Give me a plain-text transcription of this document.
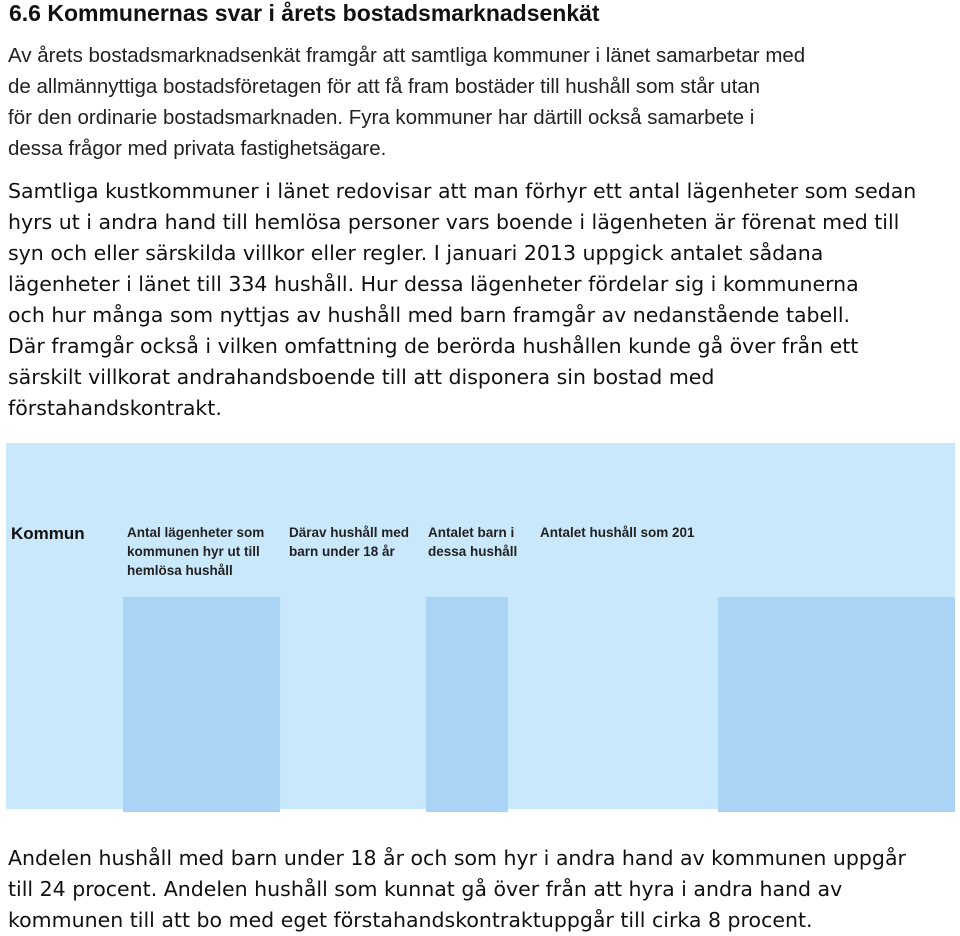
6.6 Kommunernas svar i årets bostadsmarknadsenkät

Av årets bostadsmarknadsenkät framgår att samtliga kommuner i länet samarbetar med
de allmännyttiga bostadsföretagen för att få fram bostäder till hushåll som står utan
för den ordinarie bostadsmarknaden. Fyra kommuner har därtill också samarbete i
dessa frågor med privata fastighetsägare.

Samtliga kustkommuner i länet redovisar att man förhyr ett antal lägenheter som sedan
hyrs ut i andra hand till hemlösa personer vars boende i lägenheten är förenat med till
syn och eller särskilda villkor eller regler. I januari 2013 uppgick antalet sådana
lägenheter i länet till 334 hushåll. Hur dessa lägenheter fördelar sig i kommunerna
och hur många som nyttjas av hushåll med barn framgår av nedanstående tabell.
Där framgår också i vilken omfattning de berörda hushållen kunde gå över från ett
särskilt villkorat andrahandsboende till att disponera sin bostad med
förstahandskontrakt.

Kommun	Antal lägenheter som
kommunen hyr ut till
hemlösa hushåll
Därav hushåll med
barn under 18 år
Antalet barn i
dessa hushåll
Antalet hushåll som 201

Andelen hushåll med barn under 18 år och som hyr i andra hand av kommunen uppgår
till 24 procent. Andelen hushåll som kunnat gå över från att hyra i andra hand av
kommunen till att bo med eget förstahandskontraktuppgår till cirka 8 procent.
